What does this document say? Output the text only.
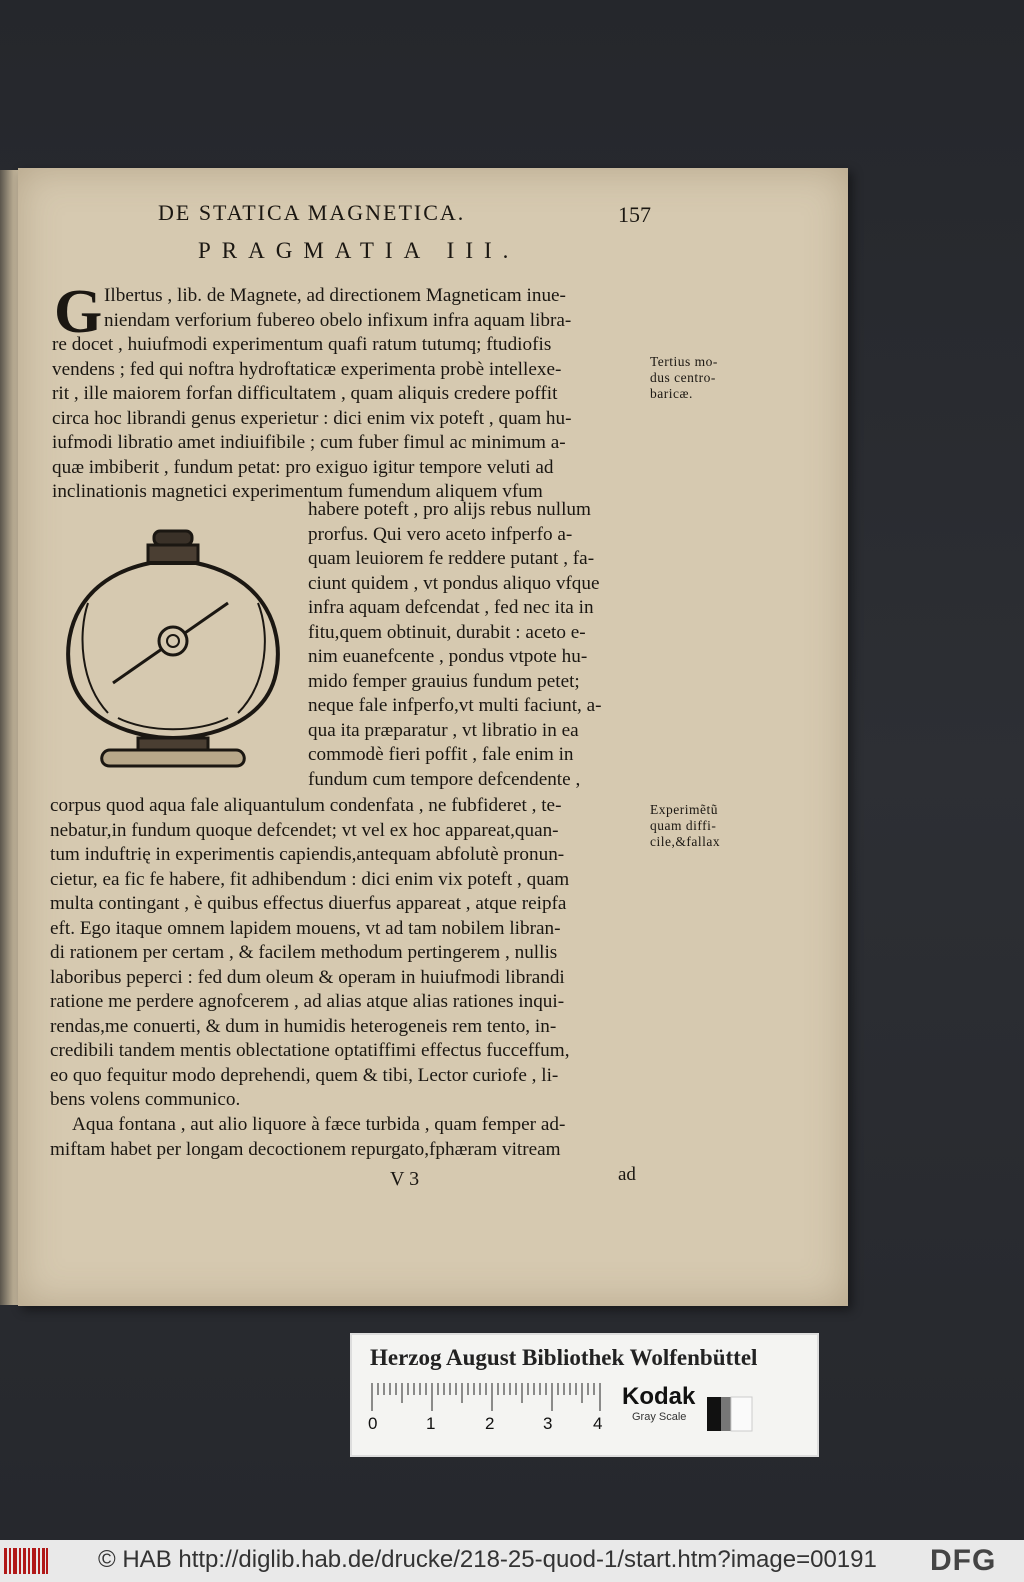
DE STATICA MAGNETICA.	157
PRAGMATIA III.
G Ilbertus , lib. de Magnete, ad directionem Magneticam inue-
niendam verforium fubereo obelo infixum infra aquam libra-
re docet , huiufmodi experimentum quafi ratum tutumq; ftudiofis
vendens ; fed qui noftra hydroftaticæ experimenta probè intellexe-
rit , ille maiorem forfan difficultatem , quam aliquis credere poffit
circa hoc librandi genus experietur : dici enim vix poteft , quam hu-
iufmodi libratio amet indiuifibile ; cum fuber fimul ac minimum a-
quæ imbiberit , fundum petat: pro exiguo igitur tempore veluti ad
inclinationis magnetici experimentum fumendum aliquem vfum
habere poteft , pro alijs rebus nullum
prorfus. Qui vero aceto infperfo a-
quam leuiorem fe reddere putant , fa-
ciunt quidem , vt pondus aliquo vfque
infra aquam defcendat , fed nec ita in
fitu,quem obtinuit, durabit : aceto e-
nim euanefcente , pondus vtpote hu-
mido femper grauius fundum petet;
neque fale infperfo,vt multi faciunt, a-
qua ita præparatur , vt libratio in ea
commodè fieri poffit , fale enim in
fundum cum tempore defcendente ,
corpus quod aqua fale aliquantulum condenfata , ne fubfideret , te-
nebatur,in fundum quoque defcendet; vt vel ex hoc appareat,quan-
tum induftrię in experimentis capiendis,antequam abfolutè pronun-
cietur, ea fic fe habere, fit adhibendum : dici enim vix poteft , quam
multa contingant , è quibus effectus diuerfus appareat , atque reipfa
eft. Ego itaque omnem lapidem mouens, vt ad tam nobilem libran-
di rationem per certam , & facilem methodum pertingerem , nullis
laboribus peperci : fed dum oleum & operam in huiufmodi librandi
ratione me perdere agnofcerem , ad alias atque alias rationes inqui-
rendas,me conuerti, & dum in humidis heterogeneis rem tento, in-
credibili tandem mentis oblectatione optatiffimi effectus fucceffum,
eo quo fequitur modo deprehendi, quem & tibi, Lector curiofe , li-
bens volens communico.
Aqua fontana , aut alio liquore à fæce turbida , quam femper ad-
miftam habet per longam decoctionem repurgato,fphæram vitream
Tertius mo-
dus centro-
baricæ.
Experimẽtũ
quam diffi-
cile,&fallax
V 3	ad
Herzog August Bibliothek Wolfenbüttel
0	1	2	3 4
Kodak
Gray Scale
© HAB http://diglib.hab.de/drucke/218-25-quod-1/start.htm?image=00191 DFG
